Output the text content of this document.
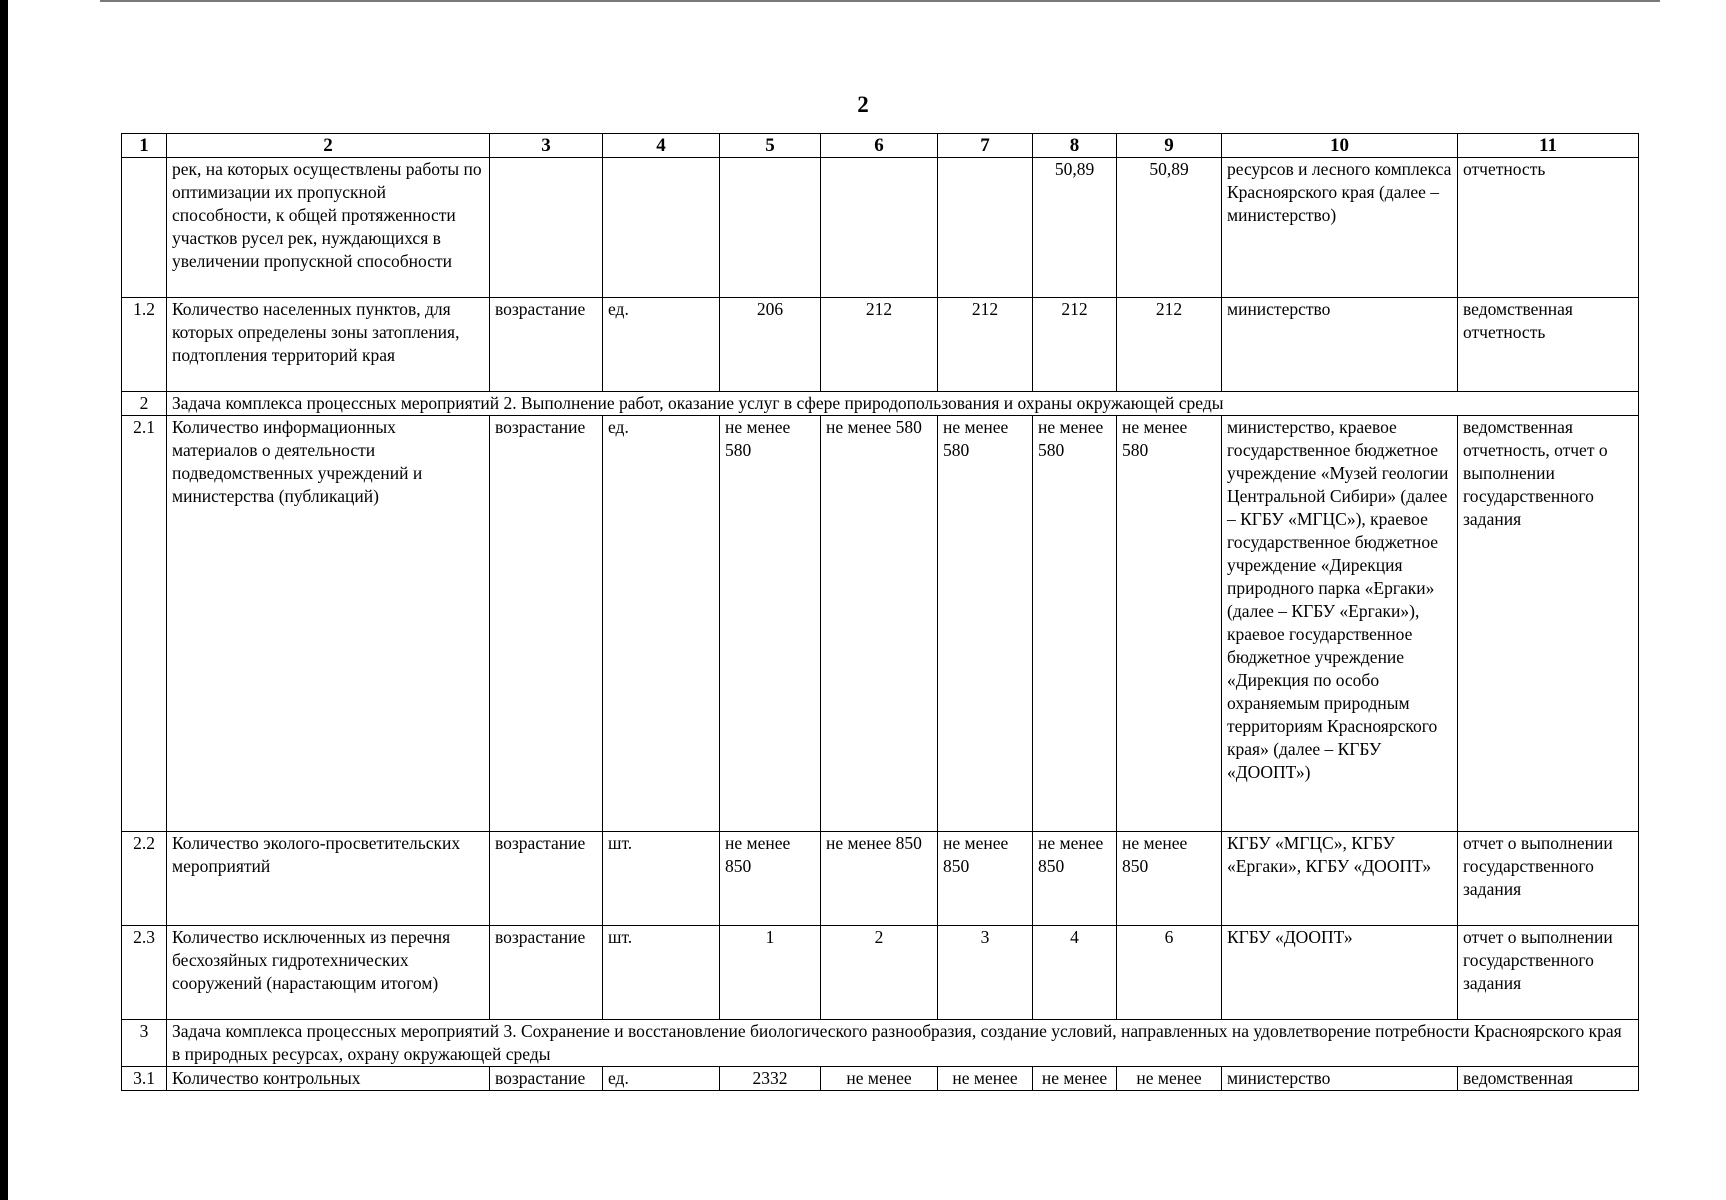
2
1	2	3	4	5	6	7	8	9	10	11
	рек, на которых осуществлены работы по оптимизации их пропускной способности, к общей протяженности участков русел рек, нуждающихся в увеличении пропускной способности						50,89	50,89	ресурсов и лесного комплекса Красноярского края (далее – министерство)	отчетность
1.2	Количество населенных пунктов, для которых определены зоны затопления, подтопления территорий края	возрастание	ед.	206	212	212	212	212	министерство	ведомственная отчетность
2	Задача комплекса процессных мероприятий 2. Выполнение работ, оказание услуг в сфере природопользования и охраны окружающей среды									
2.1	Количество информационных материалов о деятельности подведомственных учреждений и министерства (публикаций)	возрастание	ед.	не менее 580	не менее 580	не менее 580	не менее 580	не менее 580	министерство, краевое государственное бюджетное учреждение «Музей геологии Центральной Сибири» (далее – КГБУ «МГЦС»), краевое государственное бюджетное учреждение «Дирекция природного парка «Ергаки» (далее – КГБУ «Ергаки»), краевое государственное бюджетное учреждение «Дирекция по особо охраняемым природным территориям Красноярского края» (далее – КГБУ «ДООПТ»)	ведомственная отчетность, отчет о выполнении государственного задания
2.2	Количество эколого-просветительских мероприятий	возрастание	шт.	не менее 850	не менее 850	не менее 850	не менее 850	не менее 850	КГБУ «МГЦС», КГБУ «Ергаки», КГБУ «ДООПТ»	отчет о выполнении государственного задания
2.3	Количество исключенных из перечня бесхозяйных гидротехнических сооружений (нарастающим итогом)	возрастание	шт.	1	2	3	4	6	КГБУ «ДООПТ»	отчет о выполнении государственного задания
3	Задача комплекса процессных мероприятий 3. Сохранение и восстановление биологического разнообразия, создание условий, направленных на удовлетворение потребности Красноярского края в природных ресурсах, охрану окружающей среды									
3.1	Количество контрольных	возрастание	ед.	2332	не менее	не менее	не менее	не менее	министерство	ведомственная
